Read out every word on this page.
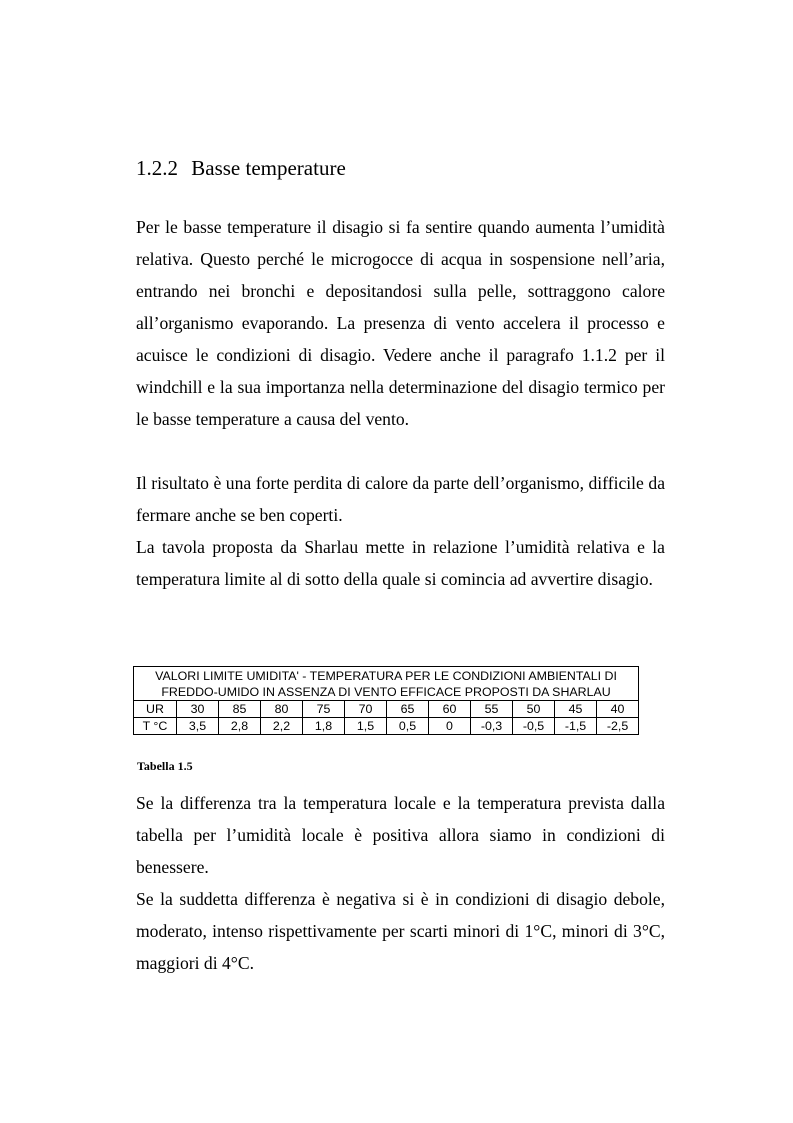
1.2.2 Basse temperature

Per le basse temperature il disagio si fa sentire quando aumenta l’umidità relativa. Questo perché le microgocce di acqua in sospensione nell’aria, entrando nei bronchi e depositandosi sulla pelle, sottraggono calore all’organismo evaporando. La presenza di vento accelera il processo e acuisce le condizioni di disagio. Vedere anche il paragrafo 1.1.2 per il windchill e la sua importanza nella determinazione del disagio termico per le basse temperature a causa del vento.

Il risultato è una forte perdita di calore da parte dell’organismo, difficile da fermare anche se ben coperti.

La tavola proposta da Sharlau mette in relazione l’umidità relativa e la temperatura limite al di sotto della quale si comincia ad avvertire disagio.

VALORI LIMITE UMIDITA' - TEMPERATURA PER LE CONDIZIONI AMBIENTALI DI FREDDO-UMIDO IN ASSENZA DI VENTO EFFICACE PROPOSTI DA SHARLAU											
UR	30	85	80	75	70	65	60	55	50	45	40
T °C	3,5	2,8	2,2	1,8	1,5	0,5	0	-0,3	-0,5	-1,5	-2,5
Tabella 1.5

Se la differenza tra la temperatura locale e la temperatura prevista dalla tabella per l’umidità locale è positiva allora siamo in condizioni di benessere.

Se la suddetta differenza è negativa si è in condizioni di disagio debole, moderato, intenso rispettivamente per scarti minori di 1°C, minori di 3°C, maggiori di 4°C.
